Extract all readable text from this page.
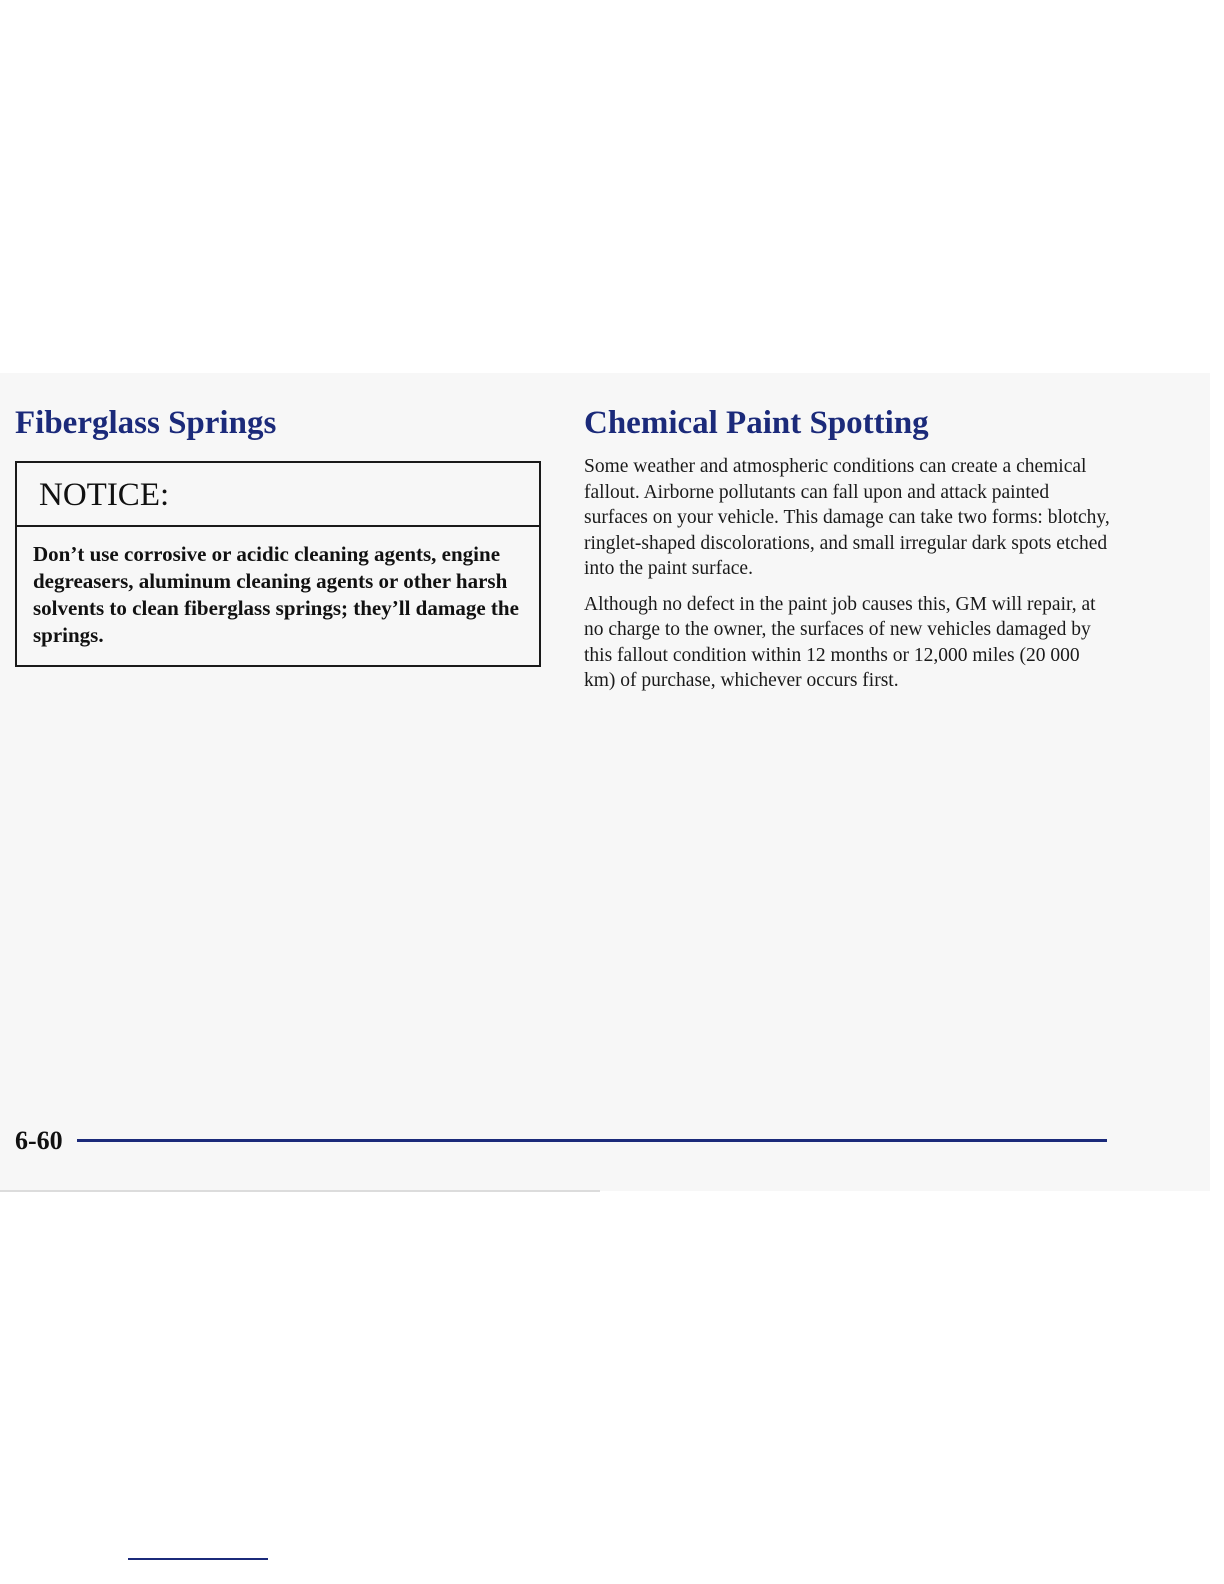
Fiberglass Springs
NOTICE:
Don’t use corrosive or acidic cleaning agents, engine degreasers, aluminum cleaning agents or other harsh solvents to clean fiberglass springs; they’ll damage the springs.
Chemical Paint Spotting

Some weather and atmospheric conditions can create a chemical fallout. Airborne pollutants can fall upon and attack painted surfaces on your vehicle. This damage can take two forms: blotchy, ringlet-shaped discolorations, and small irregular dark spots etched into the paint surface.

Although no defect in the paint job causes this, GM will repair, at no charge to the owner, the surfaces of new vehicles damaged by this fallout condition within 12 months or 12,000 miles (20 000 km) of purchase, whichever occurs first.

6-60
